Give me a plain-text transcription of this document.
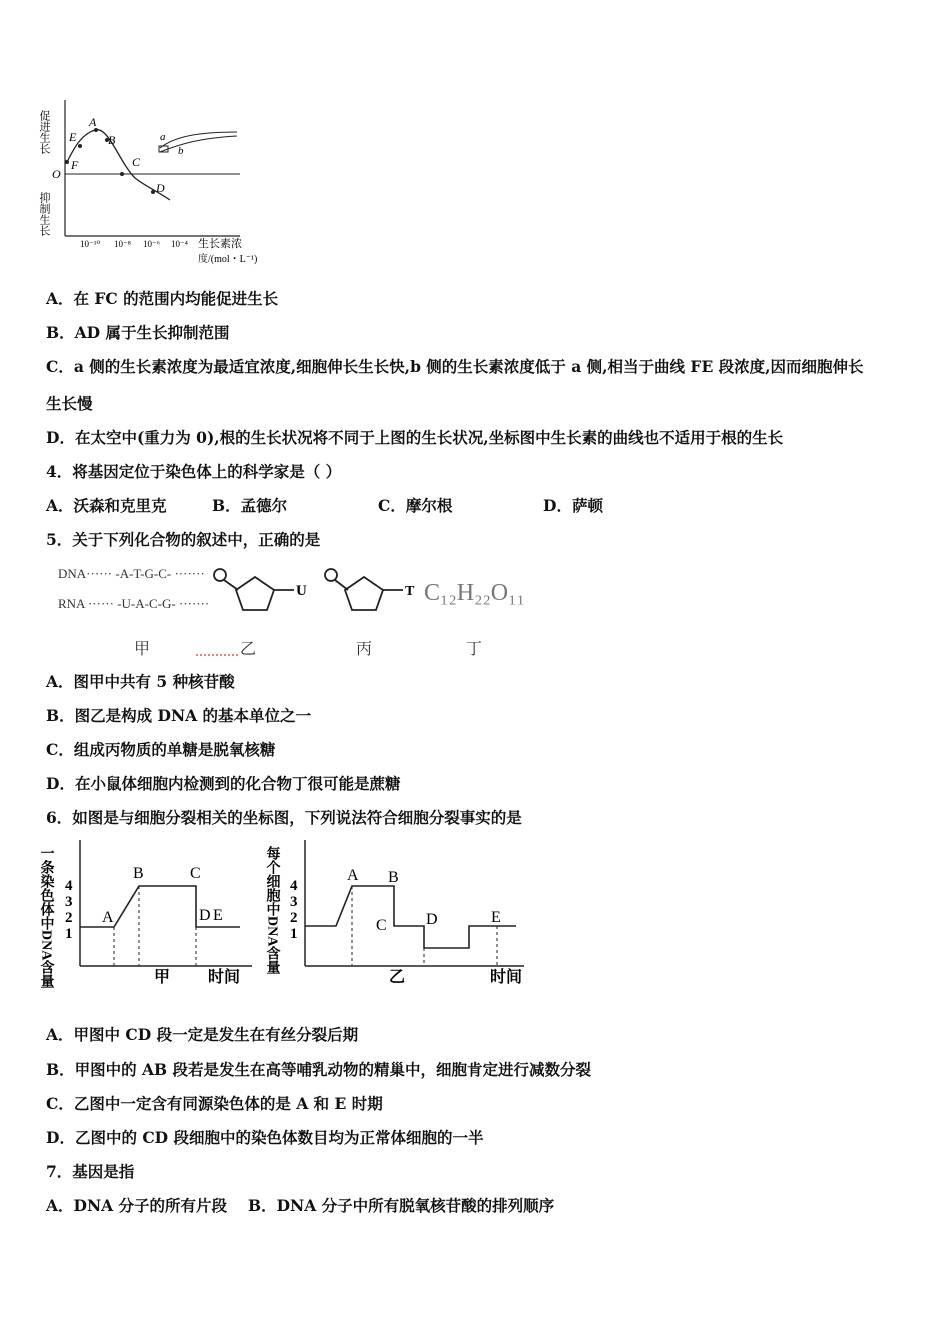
促进生长
抑制生长
O
E
A
B
F	C
D
a
b
10⁻¹⁰ 10⁻⁸ 10⁻⁶ 10⁻⁴ 生长素浓
度/(mol・L⁻¹)
A．在 FC 的范围内均能促进生长
B．AD 属于生长抑制范围
C．a 侧的生长素浓度为最适宜浓度,细胞伸长生长快,b 侧的生长素浓度低于 a 侧,相当于曲线 FE 段浓度,因而细胞伸长
生长慢
D．在太空中(重力为 0),根的生长状况将不同于上图的生长状况,坐标图中生长素的曲线也不适用于根的生长
4．将基因定位于染色体上的科学家是（ ）
A．沃森和克里克	B．孟德尔	C．摩尔根	D．萨顿
5．关于下列化合物的叙述中，正确的是
DNA······ -A-T-G-C- ·······
RNA ······ -U-A-C-G- ·······
U	T C₁₂H₂₂O₁₁
甲	乙	丙	丁
A．图甲中共有 5 种核苷酸
B．图乙是构成 DNA 的基本单位之一
C．组成丙物质的单糖是脱氧核糖
D．在小鼠体细胞内检测到的化合物丁很可能是蔗糖
6．如图是与细胞分裂相关的坐标图，下列说法符合细胞分裂事实的是
一条染色体中DNA含量 4
3
2
1
A
B	C
D E
甲 时间
每个细胞中DNA含量 4
3
2
1
A B
C D	E
乙	时间
A．甲图中 CD 段一定是发生在有丝分裂后期
B．甲图中的 AB 段若是发生在高等哺乳动物的精巢中，细胞肯定进行减数分裂
C．乙图中一定含有同源染色体的是 A 和 E 时期
D．乙图中的 CD 段细胞中的染色体数目均为正常体细胞的一半
7．基因是指
A．DNA 分子的所有片段 B．DNA 分子中所有脱氧核苷酸的排列顺序
